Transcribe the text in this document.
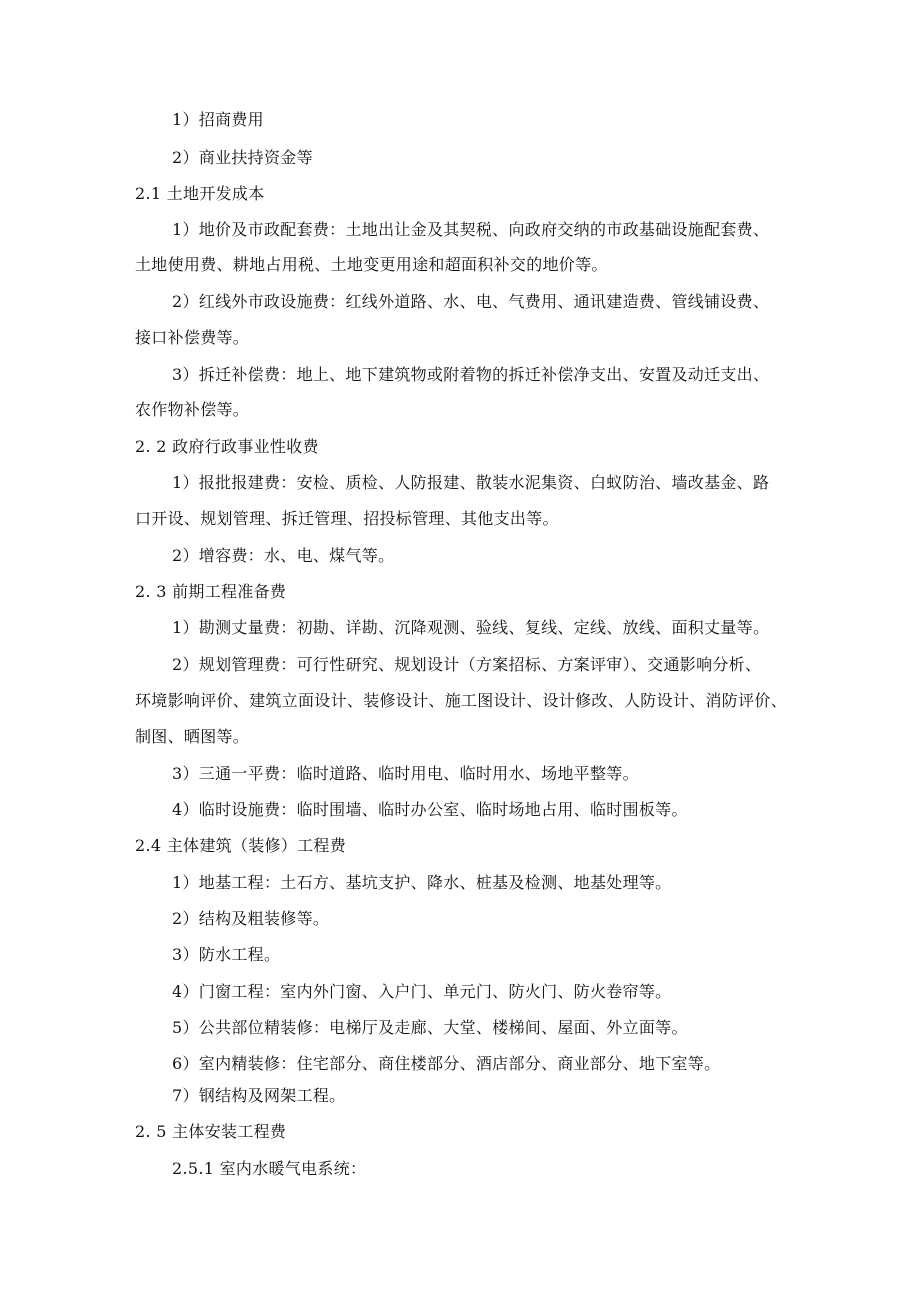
1）招商费用
2）商业扶持资金等
2.1 土地开发成本
1）地价及市政配套费：土地出让金及其契税、向政府交纳的市政基础设施配套费、
土地使用费、耕地占用税、土地变更用途和超面积补交的地价等。
2）红线外市政设施费：红线外道路、水、电、气费用、通讯建造费、管线铺设费、
接口补偿费等。
3）拆迁补偿费：地上、地下建筑物或附着物的拆迁补偿净支出、安置及动迁支出、
农作物补偿等。
2. 2 政府行政事业性收费
1）报批报建费：安检、质检、人防报建、散装水泥集资、白蚁防治、墙改基金、路
口开设、规划管理、拆迁管理、招投标管理、其他支出等。
2）增容费：水、电、煤气等。
2. 3 前期工程准备费
1）勘测丈量费：初勘、详勘、沉降观测、验线、复线、定线、放线、面积丈量等。
2）规划管理费：可行性研究、规划设计（方案招标、方案评审）、交通影响分析、
环境影响评价、建筑立面设计、装修设计、施工图设计、设计修改、人防设计、消防评价、
制图、晒图等。
3）三通一平费：临时道路、临时用电、临时用水、场地平整等。
4）临时设施费：临时围墙、临时办公室、临时场地占用、临时围板等。
2.4 主体建筑（装修）工程费
1）地基工程：土石方、基坑支护、降水、桩基及检测、地基处理等。
2）结构及粗装修等。
3）防水工程。
4）门窗工程：室内外门窗、入户门、单元门、防火门、防火卷帘等。
5）公共部位精装修：电梯厅及走廊、大堂、楼梯间、屋面、外立面等。
6）室内精装修：住宅部分、商住楼部分、酒店部分、商业部分、地下室等。
7）钢结构及网架工程。
2. 5 主体安装工程费
2.5.1 室内水暖气电系统：
